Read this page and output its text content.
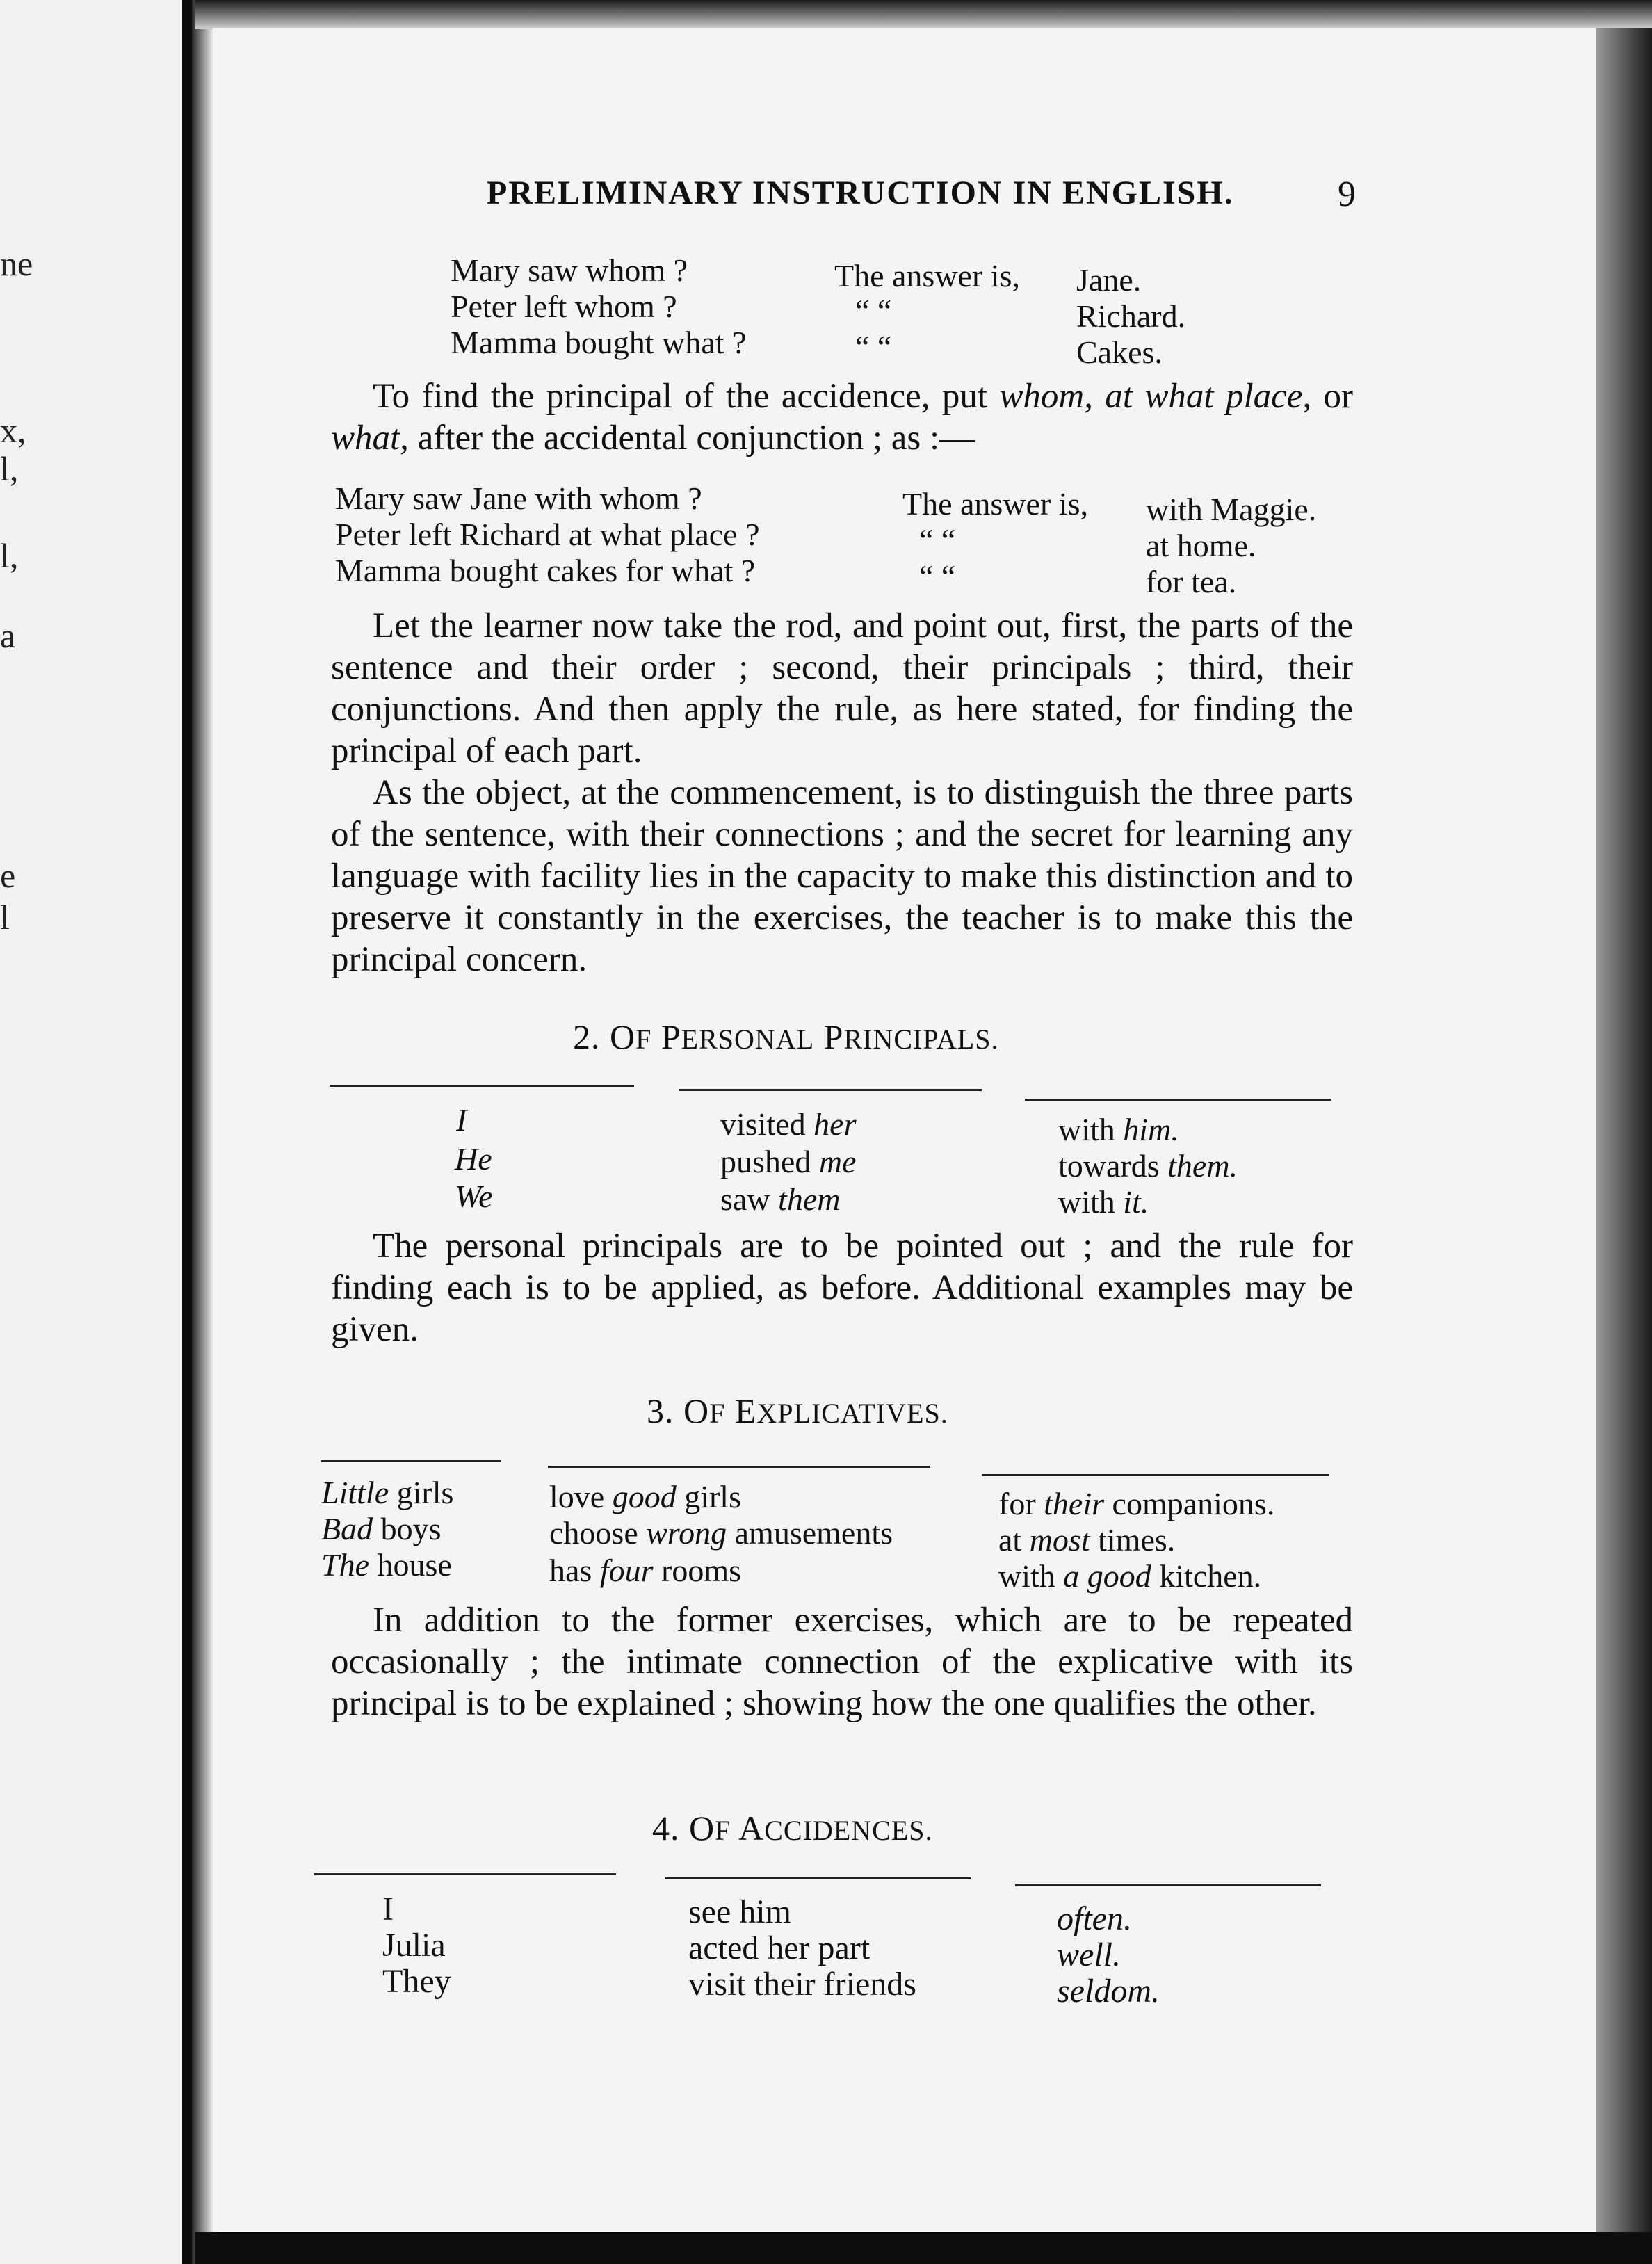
ne
x,
l,
l,
a
e
l
PRELIMINARY INSTRUCTION IN ENGLISH.	9
Mary saw whom ?	The answer is, Jane.
Peter left whom ?	“ “	Richard.
Mamma bought what ?	“ “	Cakes.
To find the principal of the accidence, put whom, at what place, or what, after the accidental conjunction ; as :—
Mary saw Jane with whom ?	The answer is, with Maggie.
Peter left Richard at what place ?	“ “	at home.
Mamma bought cakes for what ?	“ “	for tea.
Let the learner now take the rod, and point out, first, the parts of the sentence and their order ; second, their principals ; third, their conjunctions. And then apply the rule, as here stated, for finding the principal of each part.
As the object, at the commencement, is to distinguish the three parts of the sentence, with their connections ; and the secret for learning any language with facility lies in the capacity to make this distinction and to preserve it constantly in the exercises, the teacher is to make this the principal concern.
2. OF PERSONAL PRINCIPALS.
I	visited her	with him.
He	pushed me	towards them.
We	saw them	with it.
The personal principals are to be pointed out ; and the rule for finding each is to be applied, as before. Additional examples may be given.
3. OF EXPLICATIVES.
Little girls	love good girls	for their companions.
Bad boys	choose wrong amusements	at most times.
The house	has four rooms	with a good kitchen.
In addition to the former exercises, which are to be repeated occasionally ; the intimate connection of the explicative with its principal is to be explained ; showing how the one qualifies the other.
4. OF ACCIDENCES.
I	see him	often.
Julia	acted her part	well.
They	visit their friends	seldom.
